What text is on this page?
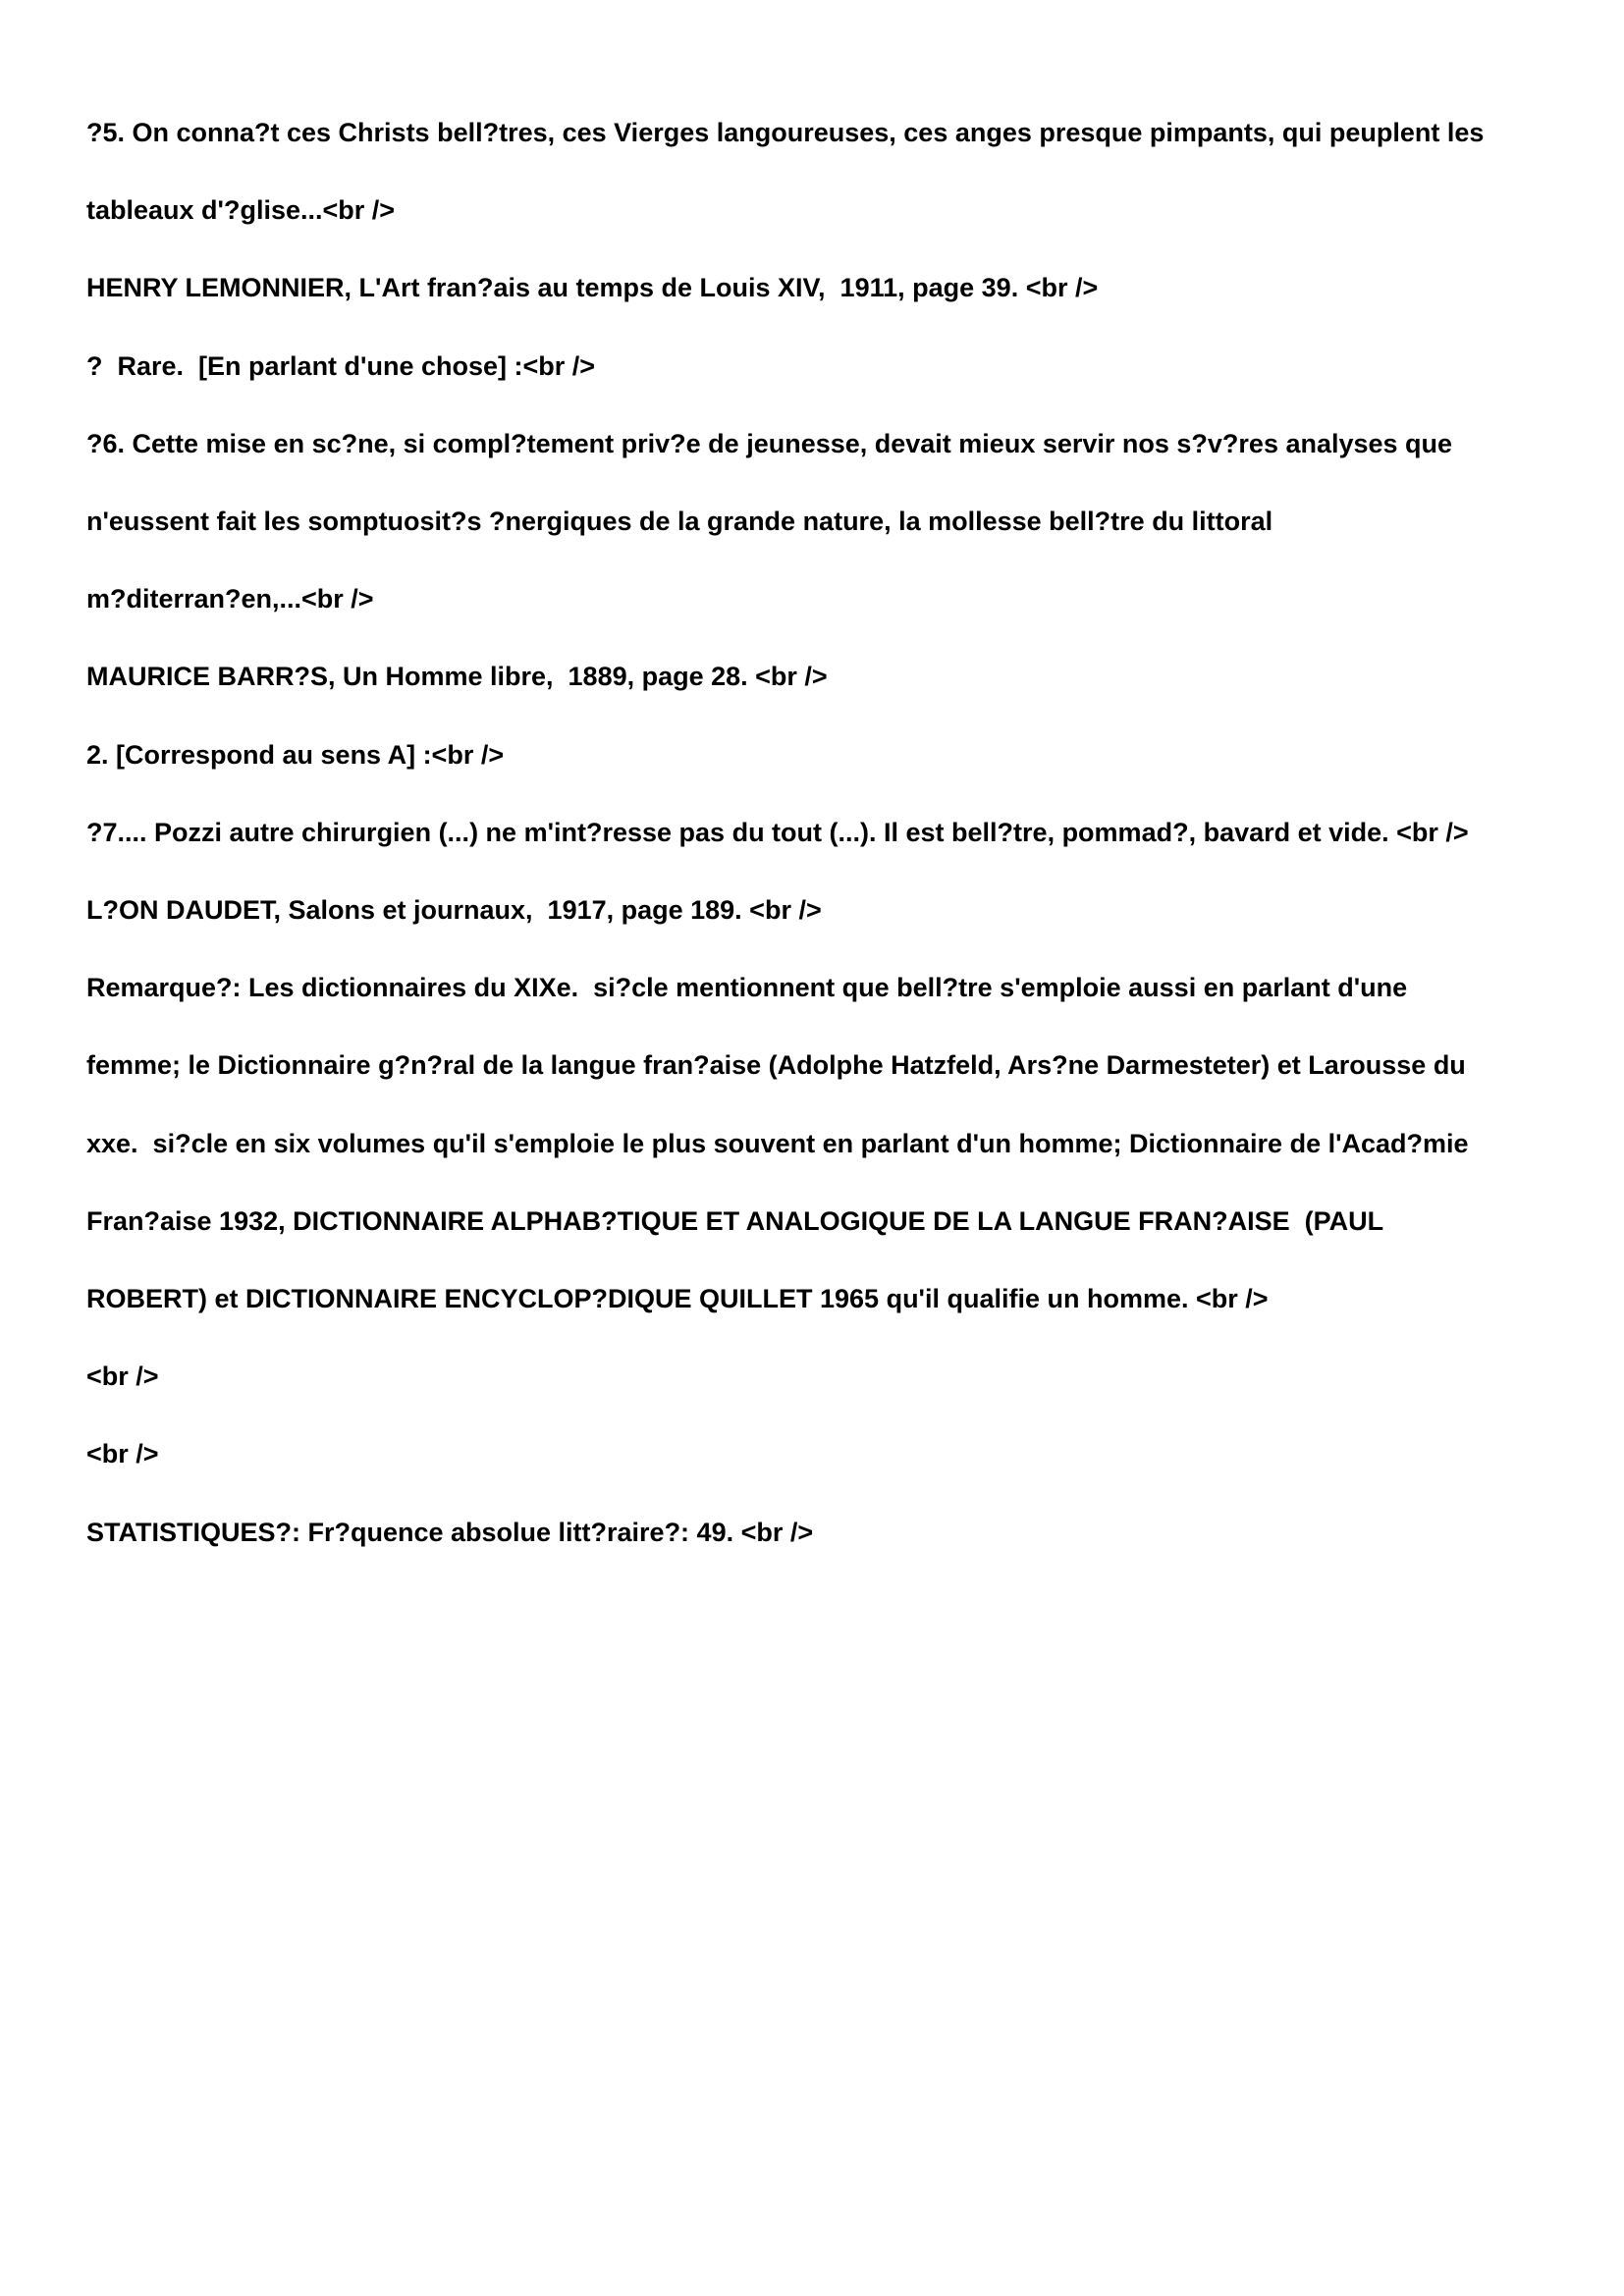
?5. On conna?t ces Christs bell?tres, ces Vierges langoureuses, ces anges presque pimpants, qui peuplent les

tableaux d'?glise...<br />

HENRY LEMONNIER, L'Art fran?ais au temps de Louis XIV,  1911, page 39. <br />

?  Rare.  [En parlant d'une chose] :<br />

?6. Cette mise en sc?ne, si compl?tement priv?e de jeunesse, devait mieux servir nos s?v?res analyses que

n'eussent fait les somptuosit?s ?nergiques de la grande nature, la mollesse bell?tre du littoral

m?diterran?en,...<br />

MAURICE BARR?S, Un Homme libre,  1889, page 28. <br />

2. [Correspond au sens A] :<br />

?7.... Pozzi autre chirurgien (...) ne m'int?resse pas du tout (...). Il est bell?tre, pommad?, bavard et vide. <br />

L?ON DAUDET, Salons et journaux,  1917, page 189. <br />

Remarque?: Les dictionnaires du XIXe.  si?cle mentionnent que bell?tre s'emploie aussi en parlant d'une

femme; le Dictionnaire g?n?ral de la langue fran?aise (Adolphe Hatzfeld, Ars?ne Darmesteter) et Larousse du

xxe.  si?cle en six volumes qu'il s'emploie le plus souvent en parlant d'un homme; Dictionnaire de l'Acad?mie

Fran?aise 1932, DICTIONNAIRE ALPHAB?TIQUE ET ANALOGIQUE DE LA LANGUE FRAN?AISE  (PAUL

ROBERT) et DICTIONNAIRE ENCYCLOP?DIQUE QUILLET 1965 qu'il qualifie un homme. <br />

<br />

<br />

STATISTIQUES?: Fr?quence absolue litt?raire?: 49. <br />
